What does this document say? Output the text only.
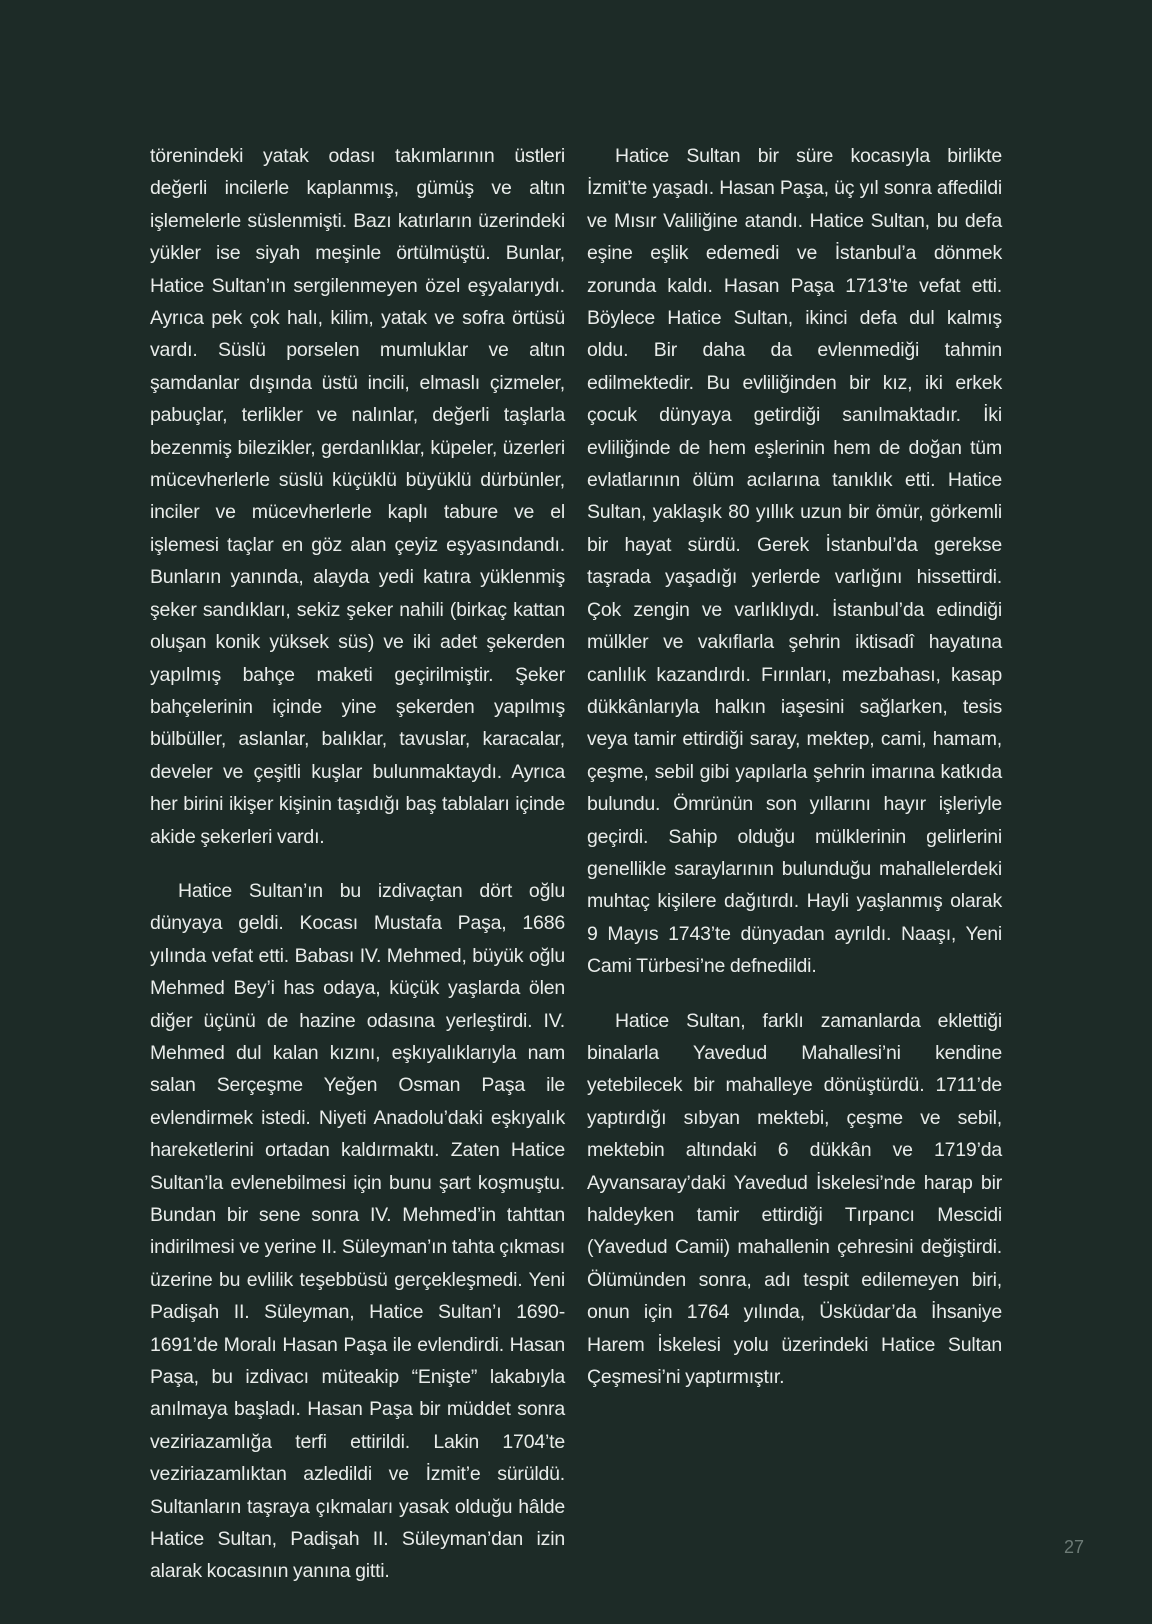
törenindeki yatak odası takımlarının üstleri değerli incilerle kaplanmış, gümüş ve altın işlemelerle süslenmişti. Bazı katırların üzerindeki yükler ise siyah meşinle örtülmüştü. Bunlar, Hatice Sultan’ın sergilenmeyen özel eşyalarıydı. Ayrıca pek çok halı, kilim, yatak ve sofra örtüsü vardı. Süslü porselen mumluklar ve altın şamdanlar dışında üstü incili, elmaslı çizmeler, pabuçlar, terlikler ve nalınlar, değerli taşlarla bezenmiş bilezikler, gerdanlıklar, küpeler, üzerleri mücevherlerle süslü küçüklü büyüklü dürbünler, inciler ve mücevherlerle kaplı tabure ve el işlemesi taçlar en göz alan çeyiz eşyasındandı. Bunların yanında, alayda yedi katıra yüklenmiş şeker sandıkları, sekiz şeker nahili (birkaç kattan oluşan konik yüksek süs) ve iki adet şekerden yapılmış bahçe maketi geçirilmiştir. Şeker bahçelerinin içinde yine şekerden yapılmış bülbüller, aslanlar, balıklar, tavuslar, karacalar, develer ve çeşitli kuşlar bulunmaktaydı. Ayrıca her birini ikişer kişinin taşıdığı baş tablaları içinde akide şekerleri vardı.

Hatice Sultan’ın bu izdivaçtan dört oğlu dünyaya geldi. Kocası Mustafa Paşa, 1686 yılında vefat etti. Babası IV. Mehmed, büyük oğlu Mehmed Bey’i has odaya, küçük yaşlarda ölen diğer üçünü de hazine odasına yerleştirdi. IV. Mehmed dul kalan kızını, eşkıyalıklarıyla nam salan Serçeşme Yeğen Osman Paşa ile evlendirmek istedi. Niyeti Anadolu’daki eşkıyalık hareketlerini ortadan kaldırmaktı. Zaten Hatice Sultan’la evlenebilmesi için bunu şart koşmuştu. Bundan bir sene sonra IV. Mehmed’in tahttan indirilmesi ve yerine II. Süleyman’ın tahta çıkması üzerine bu evlilik teşebbüsü gerçekleşmedi. Yeni Padişah II. Süleyman, Hatice Sultan’ı 1690-1691’de Moralı Hasan Paşa ile evlendirdi. Hasan Paşa, bu izdivacı müteakip “Enişte” lakabıyla anılmaya başladı. Hasan Paşa bir müddet sonra veziriazamlığa terfi ettirildi. Lakin 1704’te veziriazamlıktan azledildi ve İzmit’e sürüldü. Sultanların taşraya çıkmaları yasak olduğu hâlde Hatice Sultan, Padişah II. Süleyman’dan izin alarak kocasının yanına gitti.

Hatice Sultan bir süre kocasıyla birlikte İzmit’te yaşadı. Hasan Paşa, üç yıl sonra affedildi ve Mısır Valiliğine atandı. Hatice Sultan, bu defa eşine eşlik edemedi ve İstanbul’a dönmek zorunda kaldı. Hasan Paşa 1713’te vefat etti. Böylece Hatice Sultan, ikinci defa dul kalmış oldu. Bir daha da evlenmediği tahmin edilmektedir. Bu evliliğinden bir kız, iki erkek çocuk dünyaya getirdiği sanılmaktadır. İki evliliğinde de hem eşlerinin hem de doğan tüm evlatlarının ölüm acılarına tanıklık etti. Hatice Sultan, yaklaşık 80 yıllık uzun bir ömür, görkemli bir hayat sürdü. Gerek İstanbul’da gerekse taşrada yaşadığı yerlerde varlığını hissettirdi. Çok zengin ve varlıklıydı. İstanbul’da edindiği mülkler ve vakıflarla şehrin iktisadî hayatına canlılık kazandırdı. Fırınları, mezbahası, kasap dükkânlarıyla halkın iaşesini sağlarken, tesis veya tamir ettirdiği saray, mektep, cami, hamam, çeşme, sebil gibi yapılarla şehrin imarına katkıda bulundu. Ömrünün son yıllarını hayır işleriyle geçirdi. Sahip olduğu mülklerinin gelirlerini genellikle saraylarının bulunduğu mahallelerdeki muhtaç kişilere dağıtırdı. Hayli yaşlanmış olarak 9 Mayıs 1743’te dünyadan ayrıldı. Naaşı, Yeni Cami Türbesi’ne defnedildi.

Hatice Sultan, farklı zamanlarda eklettiği binalarla Yavedud Mahallesi’ni kendine yetebilecek bir mahalleye dönüştürdü. 1711’de yaptırdığı sıbyan mektebi, çeşme ve sebil, mektebin altındaki 6 dükkân ve 1719’da Ayvansaray’daki Yavedud İskelesi’nde harap bir haldeyken tamir ettirdiği Tırpancı Mescidi (Yavedud Camii) mahallenin çehresini değiştirdi. Ölümünden sonra, adı tespit edilemeyen biri, onun için 1764 yılında, Üsküdar’da İhsaniye Harem İskelesi yolu üzerindeki Hatice Sultan Çeşmesi’ni yaptırmıştır.

27
